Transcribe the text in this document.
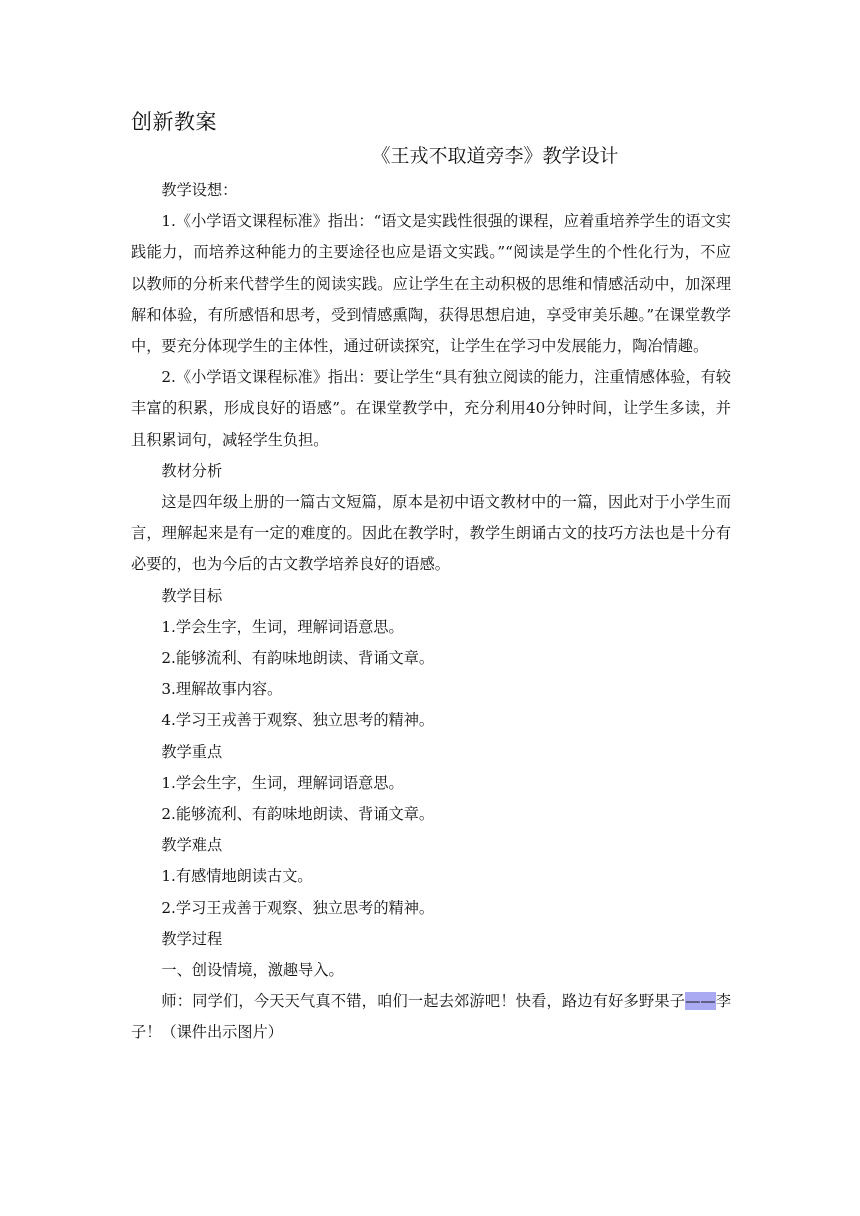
创新教案
《王戎不取道旁李》教学设计

教学设想：

1.《小学语文课程标准》指出：“语文是实践性很强的课程，应着重培养学生的语文实践能力，而培养这种能力的主要途径也应是语文实践。”“阅读是学生的个性化行为，不应以教师的分析来代替学生的阅读实践。应让学生在主动积极的思维和情感活动中，加深理解和体验，有所感悟和思考，受到情感熏陶，获得思想启迪，享受审美乐趣。”在课堂教学中，要充分体现学生的主体性，通过研读探究，让学生在学习中发展能力，陶冶情趣。

2.《小学语文课程标准》指出：要让学生“具有独立阅读的能力，注重情感体验，有较丰富的积累，形成良好的语感”。在课堂教学中，充分利用40分钟时间，让学生多读，并且积累词句，减轻学生负担。

教材分析

这是四年级上册的一篇古文短篇，原本是初中语文教材中的一篇，因此对于小学生而言，理解起来是有一定的难度的。因此在教学时，教学生朗诵古文的技巧方法也是十分有必要的，也为今后的古文教学培养良好的语感。

教学目标

1.学会生字，生词，理解词语意思。

2.能够流利、有韵味地朗读、背诵文章。

3.理解故事内容。

4.学习王戎善于观察、独立思考的精神。

教学重点

1.学会生字，生词，理解词语意思。

2.能够流利、有韵味地朗读、背诵文章。

教学难点

1.有感情地朗读古文。

2.学习王戎善于观察、独立思考的精神。

教学过程

一、创设情境，激趣导入。

师：同学们，今天天气真不错，咱们一起去郊游吧！快看，路边有好多野果子——李子！（课件出示图片）
